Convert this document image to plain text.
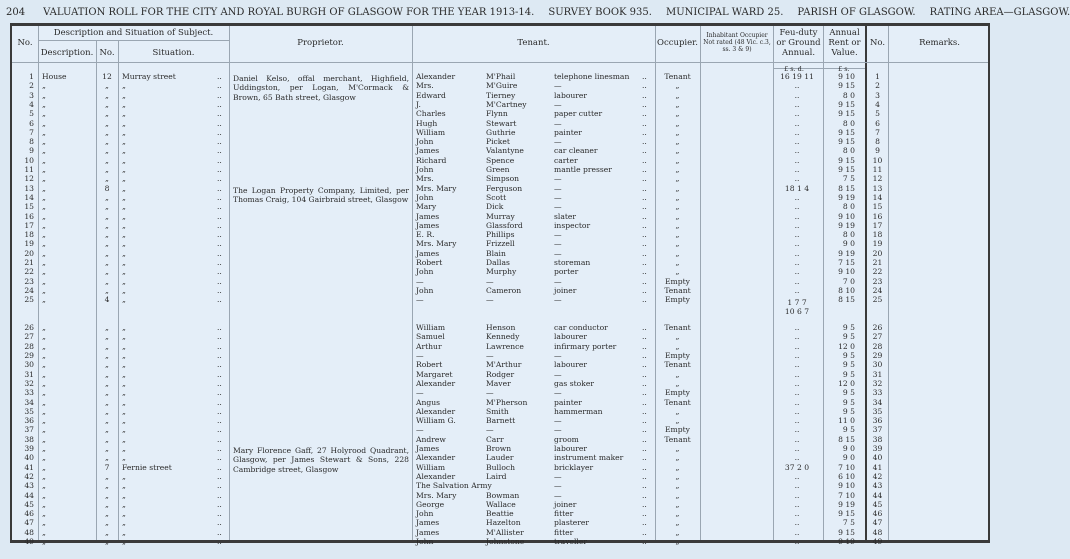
204 VALUATION ROLL FOR THE CITY AND ROYAL BURGH OF GLASGOW FOR THE YEAR 1913-14. SURVEY BOOK 935. MUNICIPAL WARD 25. PARISH OF GLASGOW. RATING AREA—GLASGOW.
No.
Description and Situation of Subject.
Description. No.	Situation.
Proprietor.	Tenant.	Occupier.
Inhabitant Occupier Not rated (48 Vic. c.3, ss. 3 & 9)
Feu-duty or Ground Annual.
Annual Rent or Value.
No.	Remarks.
£ s. d.	£ s.
Daniel Kelso, offal merchant, Highfield, Uddingston, per Logan, M'Cormack & Brown, 65 Bath street, Glasgow
The Logan Property Company, Limited, per Thomas Craig, 104 Gairbraid street, Glasgow
Mary Florence Gaff, 27 Holyrood Quadrant, Glasgow, per James Stewart & Sons, 228 Cambridge street, Glasgow
1 7 7
10 6 7
1 House	12	Murray street	Alexander	M'Phail	telephone linesman	Tenant	16 19 11	9 10	1
..	..
2 „	„	„	Mrs.	M'Guire	—	„	..	9 15	2
..	..
3 „	„	„	Edward	Tierney	labourer	„	..	8 0	3
..	..
4 „	„	„	J.	M'Cartney	—	„	..	9 15	4
..	..
5 „	„	„	Charles	Flynn	paper cutter	„	..	9 15	5
..	..
6 „	„	„	Hugh	Stewart	—	„	..	8 0	6
..	..
7 „	„	„	William	Guthrie	painter	„	..	9 15	7
..	..
8 „	„	„	John	Picket	—	„	..	9 15	8
..	..
9 „	„	„	James	Valantyne	car cleaner	„	..	8 0	9
..	..
10 „	„	„	Richard	Spence	carter	„	..	9 15	10
..	..
11 „	„	„	John	Green	mantle presser	„	..	9 15	11
..	..
12 „	„	„	Mrs.	Simpson	—	„	..	7 5	12
..	..
13 „	8	„	Mrs. Mary	Ferguson	—	„	18 1 4	8 15	13
..	..
14 „	„	„	John	Scott	—	„	..	9 19	14
..	..
15 „	„	„	Mary	Dick	—	„	..	8 0	15
..	..
16 „	„	„	James	Murray	slater	„	..	9 10	16
..	..
17 „	„	„	James	Glassford	inspector	„	..	9 19	17
..	..
18 „	„	„	E. R.	Phillips	—	„	..	8 0	18
..	..
19 „	„	„	Mrs. Mary	Frizzell	—	„	..	9 0	19
..	..
20 „	„	„	James	Blain	—	„	..	9 19	20
..	..
21 „	„	„	Robert	Dallas	storeman	„	..	7 15	21
..	..
22 „	„	„	John	Murphy	porter	„	..	9 10	22
..	..
23 „	„	„	—	—	—	Empty	..	7 0	23
..	..
24 „	„	„	John	Cameron	joiner	Tenant	..	8 10	24
..	..
25 „	4	„	—	—	—	Empty	8 15	25
..	..
26 „	„	„	William	Henson	car conductor	Tenant	..	9 5	26
..	..
27 „	„	„	Samuel	Kennedy	labourer	„	..	9 5	27
..	..
28 „	„	„	Arthur	Lawrence	infirmary porter	„	..	12 0	28
..	..
29 „	„	„	—	—	—	Empty	..	9 5	29
..	..
30 „	„	„	Robert	M'Arthur	labourer	Tenant	..	9 5	30
..	..
31 „	„	„	Margaret	Rodger	—	„	..	9 5	31
..	..
32 „	„	„	Alexander	Maver	gas stoker	„	..	12 0	32
..	..
33 „	„	„	—	—	—	Empty	..	9 5	33
..	..
34 „	„	„	Angus	M'Pherson	painter	Tenant	..	9 5	34
..	..
35 „	„	„	Alexander	Smith	hammerman	„	..	9 5	35
..	..
36 „	„	„	William G.	Barnett	—	„	..	11 0	36
..	..
37 „	„	„	—	—	—	Empty	..	9 5	37
..	..
38 „	„	„	Andrew	Carr	groom	Tenant	..	8 15	38
..	..
39 „	„	„	James	Brown	labourer	„	..	9 0	39
..	..
40 „	„	„	Alexander	Lauder	instrument maker	„	..	9 0	40
..	..
41 „	7	Fernie street	William	Bulloch	bricklayer	„	37 2 0	7 10	41
..	..
42 „	„	„	Alexander	Laird	—	„	..	6 10	42
..	..
43 „	„	„	The Salvation Army	—	„	..	9 10	43
..	..
44 „	„	„	Mrs. Mary	Bowman	—	„	..	7 10	44
..	..
45 „	„	„	George	Wallace	joiner	„	..	9 19	45
..	..
46 „	„	„	John	Beattie	fitter	„	..	9 15	46
..	..
47 „	„	„	James	Hazelton	plasterer	„	..	7 5	47
..	..
48 „	„	„	James	M'Allister	fitter	„	..	9 15	48
..	..
49 „	„	„	John	Johnstone	traveller	„	..	9 19	49
..	..
